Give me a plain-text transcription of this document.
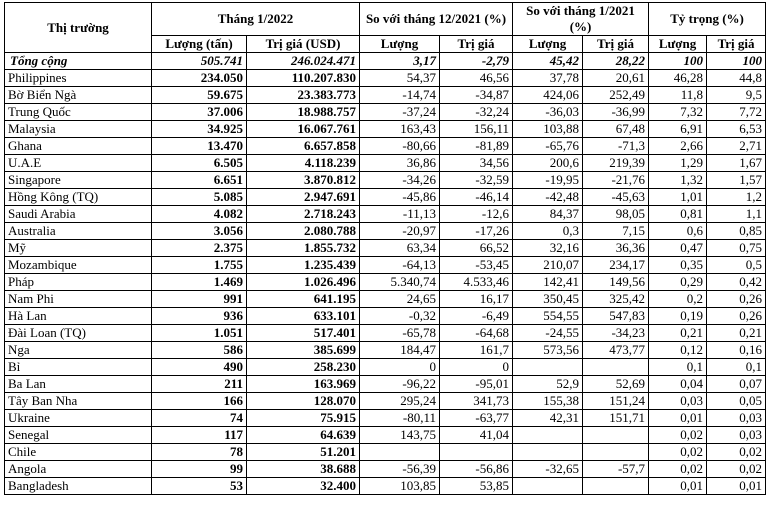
Thị trường	Tháng 1/2022		So với tháng 12/2021 (%)		So với tháng 1/2021 (%)		Tỷ trọng (%)	
	Lượng (tấn)	Trị giá (USD)	Lượng	Trị giá	Lượng	Trị giá	Lượng	Trị giá
Tổng cộng	505.741	246.024.471	3,17	-2,79	45,42	28,22	100	100
Philippines	234.050	110.207.830	54,37	46,56	37,78	20,61	46,28	44,8
Bờ Biển Ngà	59.675	23.383.773	-14,74	-34,87	424,06	252,49	11,8	9,5
Trung Quốc	37.006	18.988.757	-37,24	-32,24	-36,03	-36,99	7,32	7,72
Malaysia	34.925	16.067.761	163,43	156,11	103,88	67,48	6,91	6,53
Ghana	13.470	6.657.858	-80,66	-81,89	-65,76	-71,3	2,66	2,71
U.A.E	6.505	4.118.239	36,86	34,56	200,6	219,39	1,29	1,67
Singapore	6.651	3.870.812	-34,26	-32,59	-19,95	-21,76	1,32	1,57
Hồng Kông (TQ)	5.085	2.947.691	-45,86	-46,14	-42,48	-45,63	1,01	1,2
Saudi Arabia	4.082	2.718.243	-11,13	-12,6	84,37	98,05	0,81	1,1
Australia	3.056	2.080.788	-20,97	-17,26	0,3	7,15	0,6	0,85
Mỹ	2.375	1.855.732	63,34	66,52	32,16	36,36	0,47	0,75
Mozambique	1.755	1.235.439	-64,13	-53,45	210,07	234,17	0,35	0,5
Pháp	1.469	1.026.496	5.340,74	4.533,46	142,41	149,56	0,29	0,42
Nam Phi	991	641.195	24,65	16,17	350,45	325,42	0,2	0,26
Hà Lan	936	633.101	-0,32	-6,49	554,55	547,83	0,19	0,26
Đài Loan (TQ)	1.051	517.401	-65,78	-64,68	-24,55	-34,23	0,21	0,21
Nga	586	385.699	184,47	161,7	573,56	473,77	0,12	0,16
Bỉ	490	258.230	0	0			0,1	0,1
Ba Lan	211	163.969	-96,22	-95,01	52,9	52,69	0,04	0,07
Tây Ban Nha	166	128.070	295,24	341,73	155,38	151,24	0,03	0,05
Ukraine	74	75.915	-80,11	-63,77	42,31	151,71	0,01	0,03
Senegal	117	64.639	143,75	41,04			0,02	0,03
Chile	78	51.201					0,02	0,02
Angola	99	38.688	-56,39	-56,86	-32,65	-57,7	0,02	0,02
Bangladesh	53	32.400	103,85	53,85			0,01	0,01
